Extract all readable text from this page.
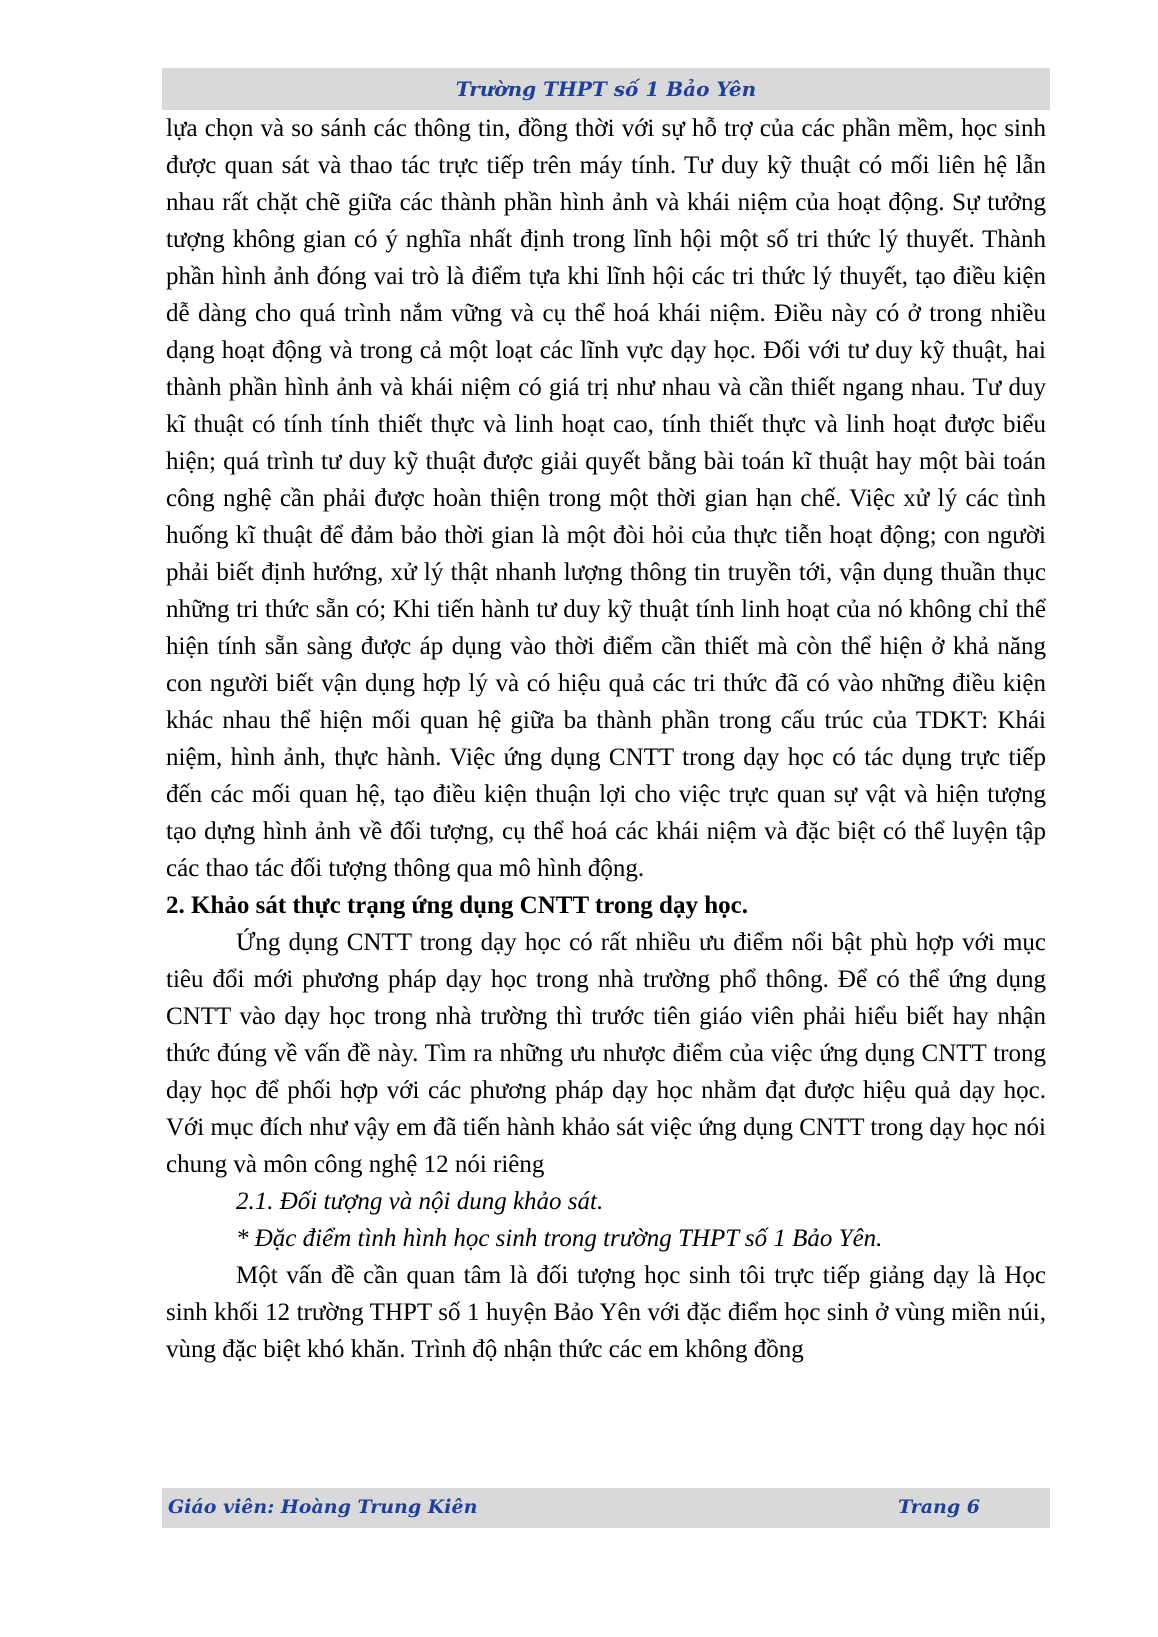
Trường THPT số 1 Bảo Yên

lựa chọn và so sánh các thông tin, đồng thời với sự hỗ trợ của các phần mềm, học sinh được quan sát và thao tác trực tiếp trên máy tính. Tư duy kỹ thuật có mối liên hệ lẫn nhau rất chặt chẽ giữa các thành phần hình ảnh và khái niệm của hoạt động. Sự tưởng tượng không gian có ý nghĩa nhất định trong lĩnh hội một số tri thức lý thuyết. Thành phần hình ảnh đóng vai trò là điểm tựa khi lĩnh hội các tri thức lý thuyết, tạo điều kiện dễ dàng cho quá trình nắm vững và cụ thể hoá khái niệm. Điều này có ở trong nhiều dạng hoạt động và trong cả một loạt các lĩnh vực dạy học. Đối với tư duy kỹ thuật, hai thành phần hình ảnh và khái niệm có giá trị như nhau và cần thiết ngang nhau. Tư duy kĩ thuật có tính tính thiết thực và linh hoạt cao, tính thiết thực và linh hoạt được biểu hiện; quá trình tư duy kỹ thuật được giải quyết bằng bài toán kĩ thuật hay một bài toán công nghệ cần phải được hoàn thiện trong một thời gian hạn chế. Việc xử lý các tình huống kĩ thuật để đảm bảo thời gian là một đòi hỏi của thực tiễn hoạt động; con người phải biết định hướng, xử lý thật nhanh lượng thông tin truyền tới, vận dụng thuần thục những tri thức sẵn có; Khi tiến hành tư duy kỹ thuật tính linh hoạt của nó không chỉ thể hiện tính sẵn sàng được áp dụng vào thời điểm cần thiết mà còn thể hiện ở khả năng con người biết vận dụng hợp lý và có hiệu quả các tri thức đã có vào những điều kiện khác nhau thể hiện mối quan hệ giữa ba thành phần trong cấu trúc của TDKT: Khái niệm, hình ảnh, thực hành. Việc ứng dụng CNTT trong dạy học có tác dụng trực tiếp đến các mối quan hệ, tạo điều kiện thuận lợi cho việc trực quan sự vật và hiện tượng tạo dựng hình ảnh về đối tượng, cụ thể hoá các khái niệm và đặc biệt có thể luyện tập các thao tác đối tượng thông qua mô hình động.

2. Khảo sát thực trạng ứng dụng CNTT trong dạy học.

Ứng dụng CNTT trong dạy học có rất nhiều ưu điểm nổi bật phù hợp với mục tiêu đổi mới phương pháp dạy học trong nhà trường phổ thông. Để có thể ứng dụng CNTT vào dạy học trong nhà trường thì trước tiên giáo viên phải hiểu biết hay nhận thức đúng về vấn đề này. Tìm ra những ưu nhược điểm của việc ứng dụng CNTT trong dạy học để phối hợp với các phương pháp dạy học nhằm đạt được hiệu quả dạy học. Với mục đích như vậy em đã tiến hành khảo sát việc ứng dụng CNTT trong dạy học nói chung và môn công nghệ 12 nói riêng

2.1. Đối tượng và nội dung khảo sát.

* Đặc điểm tình hình học sinh trong trường THPT số 1 Bảo Yên.

Một vấn đề cần quan tâm là đối tượng học sinh tôi trực tiếp giảng dạy là Học sinh khối 12 trường THPT số 1 huyện Bảo Yên với đặc điểm học sinh ở vùng miền núi, vùng đặc biệt khó khăn. Trình độ nhận thức các em không đồng

Giáo viên: Hoàng Trung Kiên	Trang 6
